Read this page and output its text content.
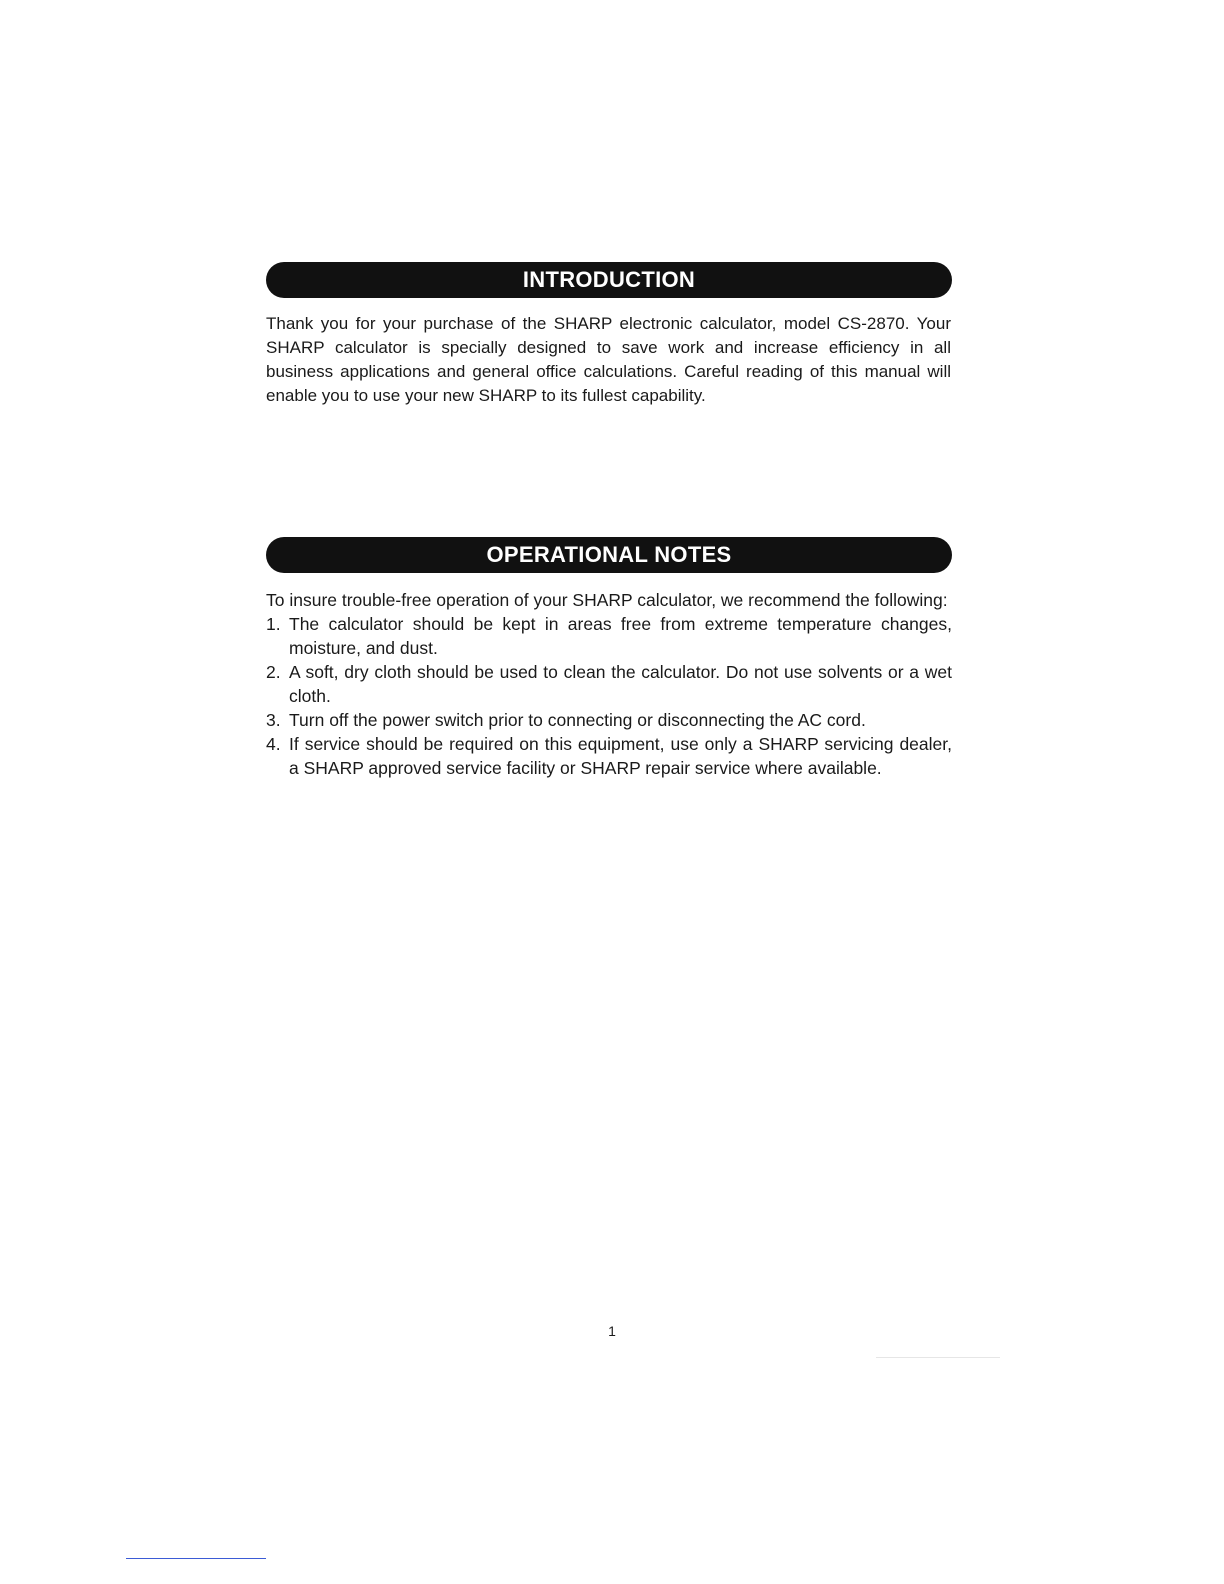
INTRODUCTION

Thank you for your purchase of the SHARP electronic calculator, model CS-2870. Your SHARP calculator is specially designed to save work and increase efficiency in all business applications and general office calculations. Careful reading of this manual will enable you to use your new SHARP to its fullest capability.

OPERATIONAL NOTES

To insure trouble-free operation of your SHARP calculator, we recommend the following:

1. The calculator should be kept in areas free from extreme temperature changes, moisture, and dust.
2. A soft, dry cloth should be used to clean the calculator. Do not use solvents or a wet cloth.
3. Turn off the power switch prior to connecting or disconnecting the AC cord.
4. If service should be required on this equipment, use only a SHARP servicing dealer, a SHARP approved service facility or SHARP repair service where available.
1
